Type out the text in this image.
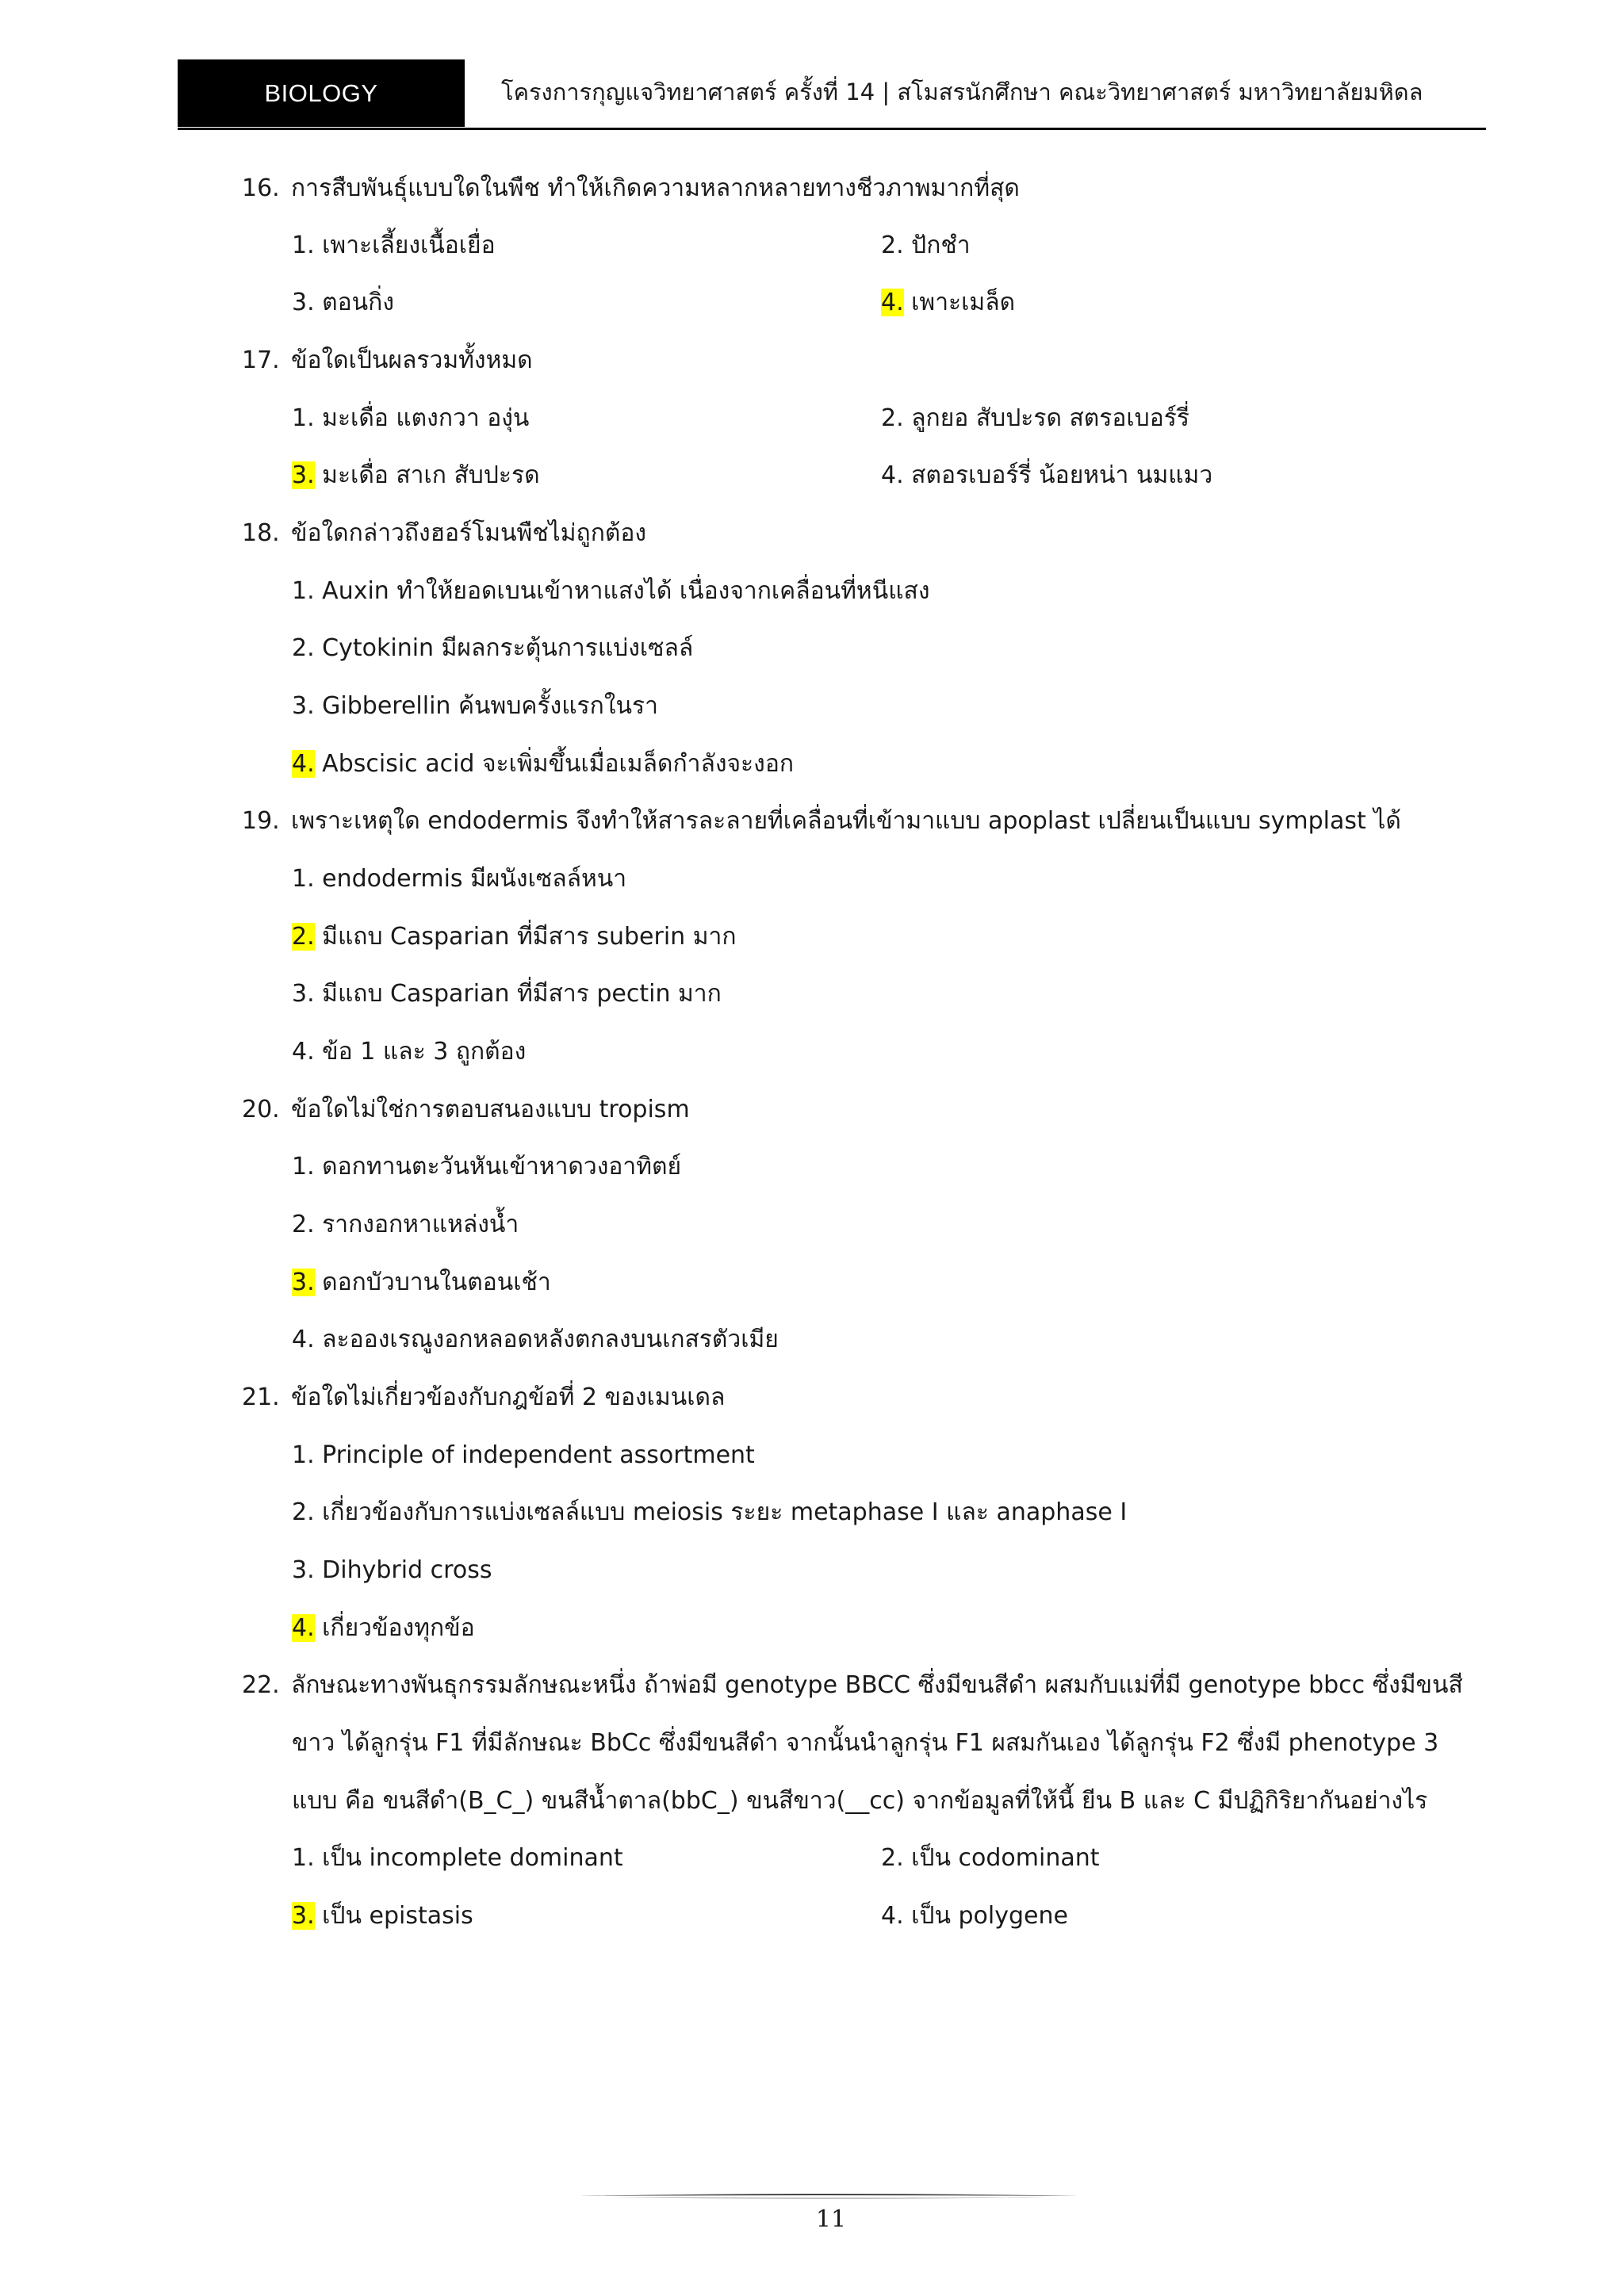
BIOLOGY	โครงการกุญแจวิทยาศาสตร์ ครั้งที่ 14 | สโมสรนักศึกษา คณะวิทยาศาสตร์ มหาวิทยาลัยมหิดล
16. การสืบพันธุ์แบบใดในพืช ทำให้เกิดความหลากหลายทางชีวภาพมากที่สุด
1. เพาะเลี้ยงเนื้อเยื่อ	2. ปักชำ
3. ตอนกิ่ง	4. เพาะเมล็ด
17. ข้อใดเป็นผลรวมทั้งหมด
1. มะเดื่อ แตงกวา องุ่น	2. ลูกยอ สับปะรด สตรอเบอร์รี่
3. มะเดื่อ สาเก สับปะรด	4. สตอรเบอร์รี่ น้อยหน่า นมแมว
18. ข้อใดกล่าวถึงฮอร์โมนพืชไม่ถูกต้อง
1. Auxin ทำให้ยอดเบนเข้าหาแสงได้ เนื่องจากเคลื่อนที่หนีแสง
2. Cytokinin มีผลกระตุ้นการแบ่งเซลล์
3. Gibberellin ค้นพบครั้งแรกในรา
4. Abscisic acid จะเพิ่มขึ้นเมื่อเมล็ดกำลังจะงอก
19. เพราะเหตุใด endodermis จึงทำให้สารละลายที่เคลื่อนที่เข้ามาแบบ apoplast เปลี่ยนเป็นแบบ symplast ได้
1. endodermis มีผนังเซลล์หนา
2. มีแถบ Casparian ที่มีสาร suberin มาก
3. มีแถบ Casparian ที่มีสาร pectin มาก
4. ข้อ 1 และ 3 ถูกต้อง
20. ข้อใดไม่ใช่การตอบสนองแบบ tropism
1. ดอกทานตะวันหันเข้าหาดวงอาทิตย์
2. รากงอกหาแหล่งน้ำ
3. ดอกบัวบานในตอนเช้า
4. ละอองเรณูงอกหลอดหลังตกลงบนเกสรตัวเมีย
21. ข้อใดไม่เกี่ยวข้องกับกฎข้อที่ 2 ของเมนเดล
1. Principle of independent assortment
2. เกี่ยวข้องกับการแบ่งเซลล์แบบ meiosis ระยะ metaphase I และ anaphase I
3. Dihybrid cross
4. เกี่ยวข้องทุกข้อ
22. ลักษณะทางพันธุกรรมลักษณะหนึ่ง ถ้าพ่อมี genotype BBCC ซึ่งมีขนสีดำ ผสมกับแม่ที่มี genotype bbcc ซึ่งมีขนสี
ขาว ได้ลูกรุ่น F1 ที่มีลักษณะ BbCc ซึ่งมีขนสีดำ จากนั้นนำลูกรุ่น F1 ผสมกันเอง ได้ลูกรุ่น F2 ซึ่งมี phenotype 3
แบบ คือ ขนสีดำ(B_C_) ขนสีน้ำตาล(bbC_) ขนสีขาว(__cc) จากข้อมูลที่ให้นี้ ยีน B และ C มีปฏิกิริยากันอย่างไร
1. เป็น incomplete dominant	2. เป็น codominant
3. เป็น epistasis	4. เป็น polygene
11
